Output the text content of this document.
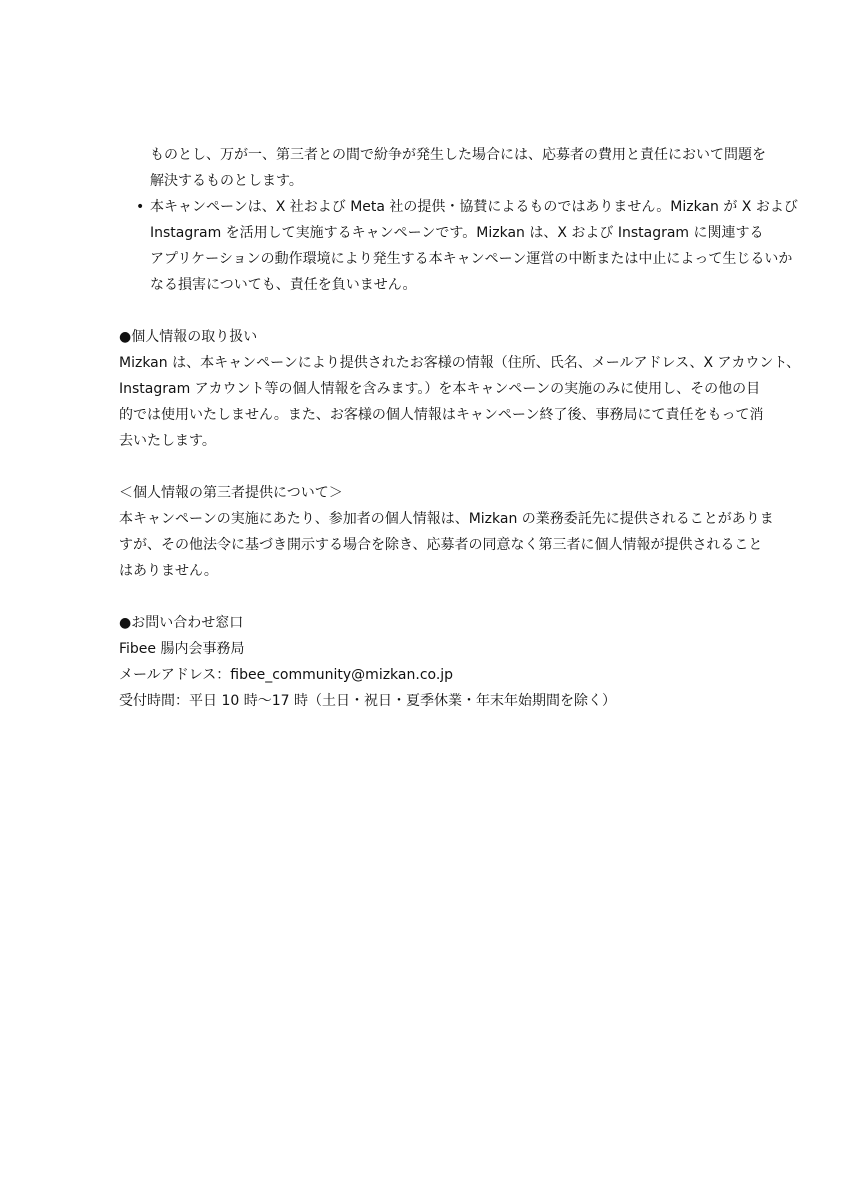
ものとし、万が一、第三者との間で紛争が発生した場合には、応募者の費用と責任において問題を
解決するものとします。
• 本キャンペーンは、X 社および Meta 社の提供・協賛によるものではありません。Mizkan が X および
Instagram を活用して実施するキャンペーンです。Mizkan は、X および Instagram に関連する
アプリケーションの動作環境により発生する本キャンペーン運営の中断または中止によって生じるいか
なる損害についても、責任を負いません。
●個人情報の取り扱い
Mizkan は、本キャンペーンにより提供されたお客様の情報（住所、氏名、メールアドレス、X アカウント、
Instagram アカウント等の個人情報を含みます。）を本キャンペーンの実施のみに使用し、その他の目
的では使用いたしません。また、お客様の個人情報はキャンペーン終了後、事務局にて責任をもって消
去いたします。
＜個人情報の第三者提供について＞
本キャンペーンの実施にあたり、参加者の個人情報は、Mizkan の業務委託先に提供されることがありま
すが、その他法令に基づき開示する場合を除き、応募者の同意なく第三者に個人情報が提供されること
はありません。
●お問い合わせ窓口
Fibee 腸内会事務局
メールアドレス：fibee_community@mizkan.co.jp
受付時間：平日 10 時～17 時（土日・祝日・夏季休業・年末年始期間を除く）
